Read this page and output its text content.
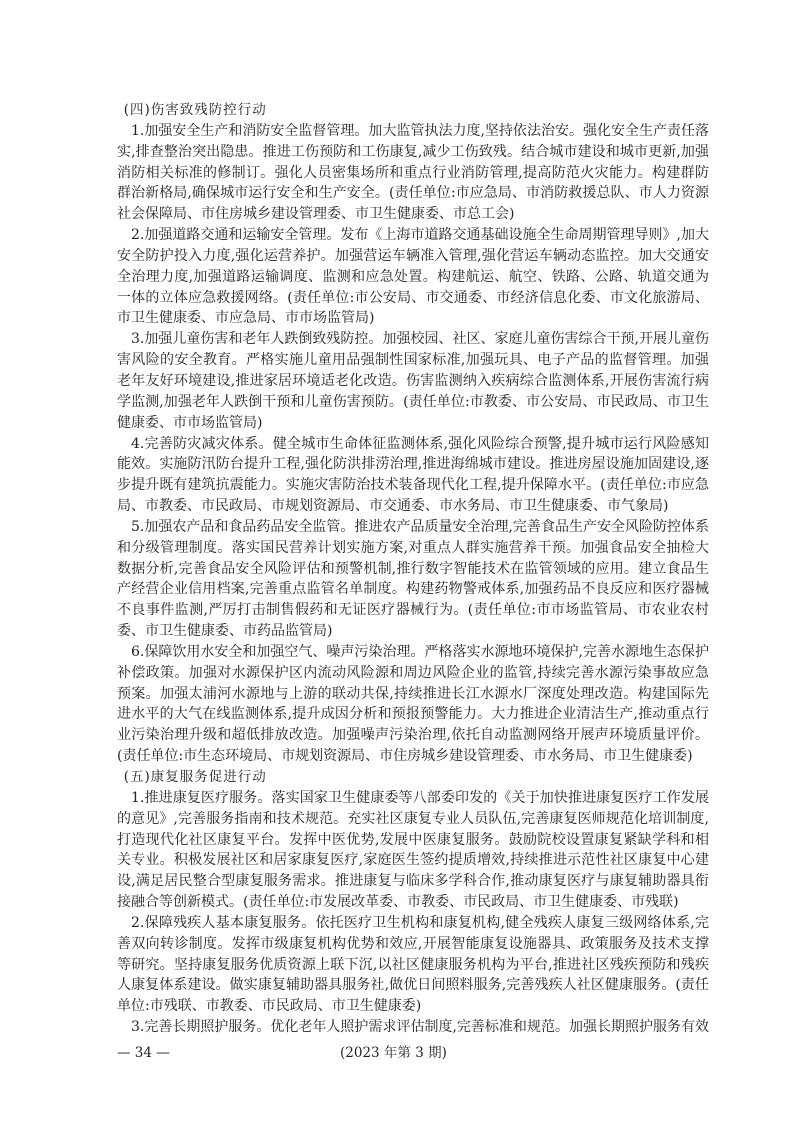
(四)伤害致残防控行动

1.加强安全生产和消防安全监督管理。加大监管执法力度,坚持依法治安。强化安全生产责任落实,排查整治突出隐患。推进工伤预防和工伤康复,减少工伤致残。结合城市建设和城市更新,加强消防相关标准的修制订。强化人员密集场所和重点行业消防管理,提高防范火灾能力。构建群防群治新格局,确保城市运行安全和生产安全。(责任单位:市应急局、市消防救援总队、市人力资源社会保障局、市住房城乡建设管理委、市卫生健康委、市总工会)

2.加强道路交通和运输安全管理。发布《上海市道路交通基础设施全生命周期管理导则》,加大安全防护投入力度,强化运营养护。加强营运车辆准入管理,强化营运车辆动态监控。加大交通安全治理力度,加强道路运输调度、监测和应急处置。构建航运、航空、铁路、公路、轨道交通为一体的立体应急救援网络。(责任单位:市公安局、市交通委、市经济信息化委、市文化旅游局、市卫生健康委、市应急局、市市场监管局)

3.加强儿童伤害和老年人跌倒致残防控。加强校园、社区、家庭儿童伤害综合干预,开展儿童伤害风险的安全教育。严格实施儿童用品强制性国家标准,加强玩具、电子产品的监督管理。加强老年友好环境建设,推进家居环境适老化改造。伤害监测纳入疾病综合监测体系,开展伤害流行病学监测,加强老年人跌倒干预和儿童伤害预防。(责任单位:市教委、市公安局、市民政局、市卫生健康委、市市场监管局)

4.完善防灾减灾体系。健全城市生命体征监测体系,强化风险综合预警,提升城市运行风险感知能效。实施防汛防台提升工程,强化防洪排涝治理,推进海绵城市建设。推进房屋设施加固建设,逐步提升既有建筑抗震能力。实施灾害防治技术装备现代化工程,提升保障水平。(责任单位:市应急局、市教委、市民政局、市规划资源局、市交通委、市水务局、市卫生健康委、市气象局)

5.加强农产品和食品药品安全监管。推进农产品质量安全治理,完善食品生产安全风险防控体系和分级管理制度。落实国民营养计划实施方案,对重点人群实施营养干预。加强食品安全抽检大数据分析,完善食品安全风险评估和预警机制,推行数字智能技术在监管领域的应用。建立食品生产经营企业信用档案,完善重点监管名单制度。构建药物警戒体系,加强药品不良反应和医疗器械不良事件监测,严厉打击制售假药和无证医疗器械行为。(责任单位:市市场监管局、市农业农村委、市卫生健康委、市药品监管局)

6.保障饮用水安全和加强空气、噪声污染治理。严格落实水源地环境保护,完善水源地生态保护补偿政策。加强对水源保护区内流动风险源和周边风险企业的监管,持续完善水源污染事故应急预案。加强太浦河水源地与上游的联动共保,持续推进长江水源水厂深度处理改造。构建国际先进水平的大气在线监测体系,提升成因分析和预报预警能力。大力推进企业清洁生产,推动重点行业污染治理升级和超低排放改造。加强噪声污染治理,依托自动监测网络开展声环境质量评价。(责任单位:市生态环境局、市规划资源局、市住房城乡建设管理委、市水务局、市卫生健康委)

(五)康复服务促进行动

1.推进康复医疗服务。落实国家卫生健康委等八部委印发的《关于加快推进康复医疗工作发展的意见》,完善服务指南和技术规范。充实社区康复专业人员队伍,完善康复医师规范化培训制度,打造现代化社区康复平台。发挥中医优势,发展中医康复服务。鼓励院校设置康复紧缺学科和相关专业。积极发展社区和居家康复医疗,家庭医生签约提质增效,持续推进示范性社区康复中心建设,满足居民整合型康复服务需求。推进康复与临床多学科合作,推动康复医疗与康复辅助器具衔接融合等创新模式。(责任单位:市发展改革委、市教委、市民政局、市卫生健康委、市残联)

2.保障残疾人基本康复服务。依托医疗卫生机构和康复机构,健全残疾人康复三级网络体系,完善双向转诊制度。发挥市级康复机构优势和效应,开展智能康复设施器具、政策服务及技术支撑等研究。坚持康复服务优质资源上联下沉,以社区健康服务机构为平台,推进社区残疾预防和残疾人康复体系建设。做实康复辅助器具服务社,做优日间照料服务,完善残疾人社区健康服务。(责任单位:市残联、市教委、市民政局、市卫生健康委)

3.完善长期照护服务。优化老年人照护需求评估制度,完善标准和规范。加强长期照护服务有效

— 34 —	(2023 年第 3 期)
